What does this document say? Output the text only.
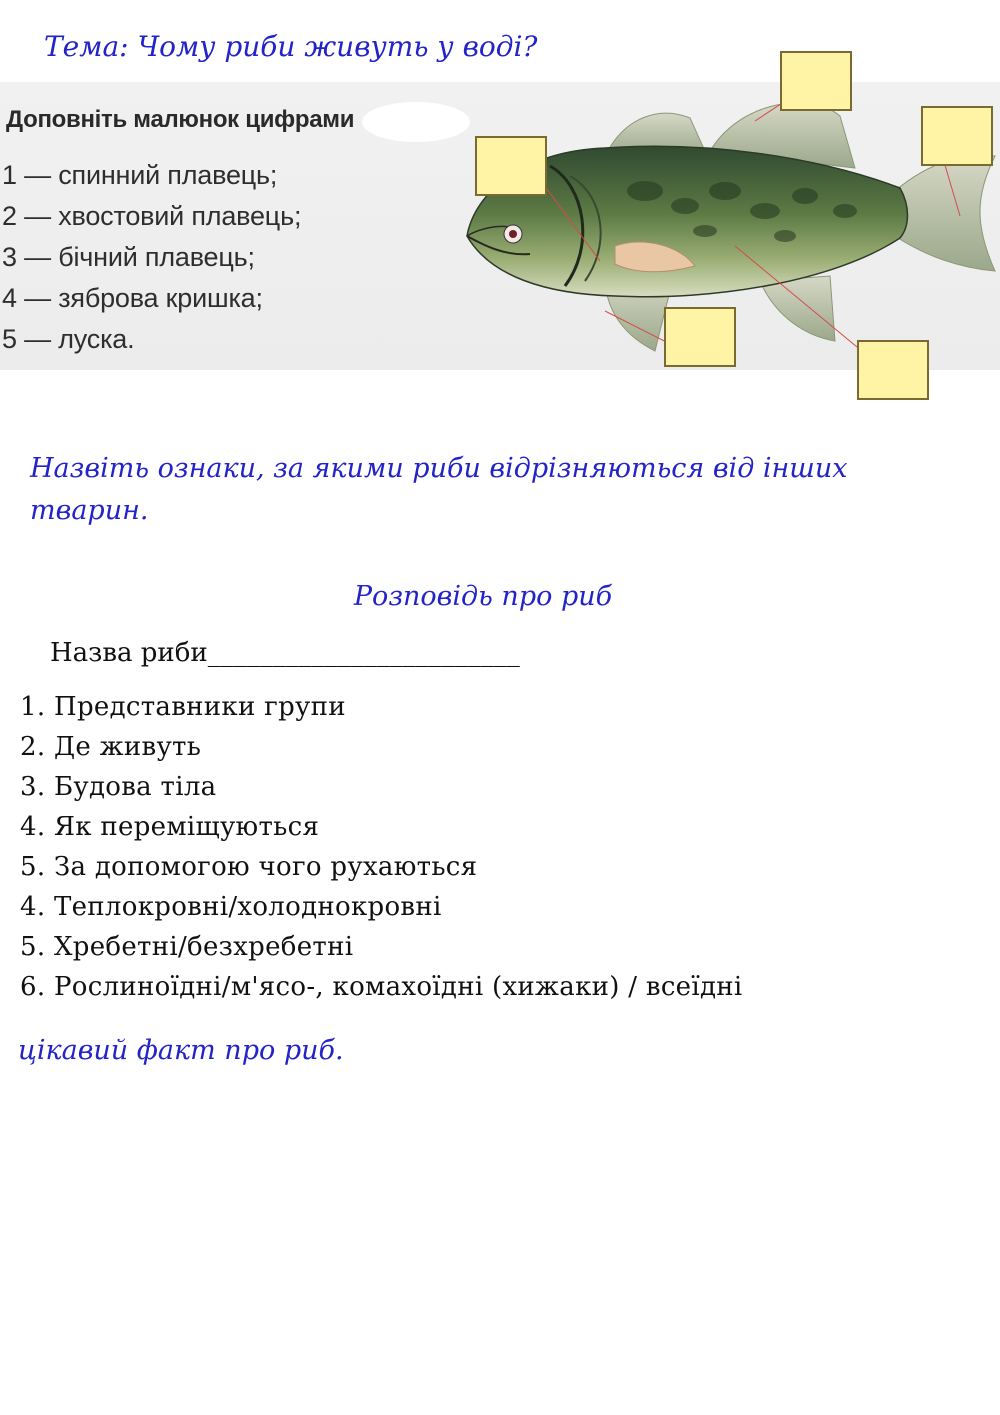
Тема: Чому риби живуть у воді?
Доповніть малюнок цифрами
1 — спинний плавець;
2 — хвостовий плавець;
3 — бічний плавець;
4 — зяброва кришка;
5 — луска.
Назвіть ознаки, за якими риби відрізняються від інших тварин.
Розповідь про риб
Назва риби________________________
1. Представники групи
2. Де живуть
3. Будова тіла
4. Як переміщуються
5. За допомогою чого рухаються
4. Теплокровні/холоднокровні
5. Хребетні/безхребетні
6. Рослиноїдні/м'ясо-, комахоїдні (хижаки) / всеїдні
цікавий факт про риб.
